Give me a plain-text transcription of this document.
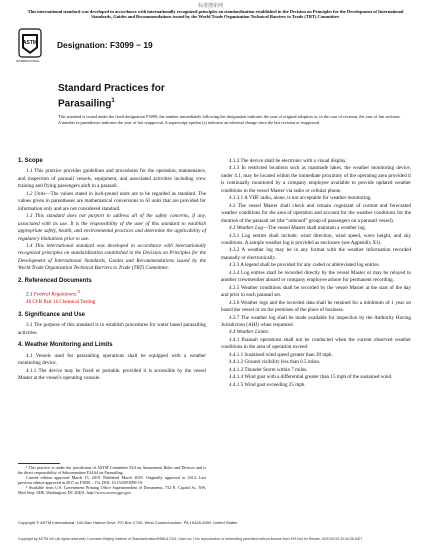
标准搜索网
This international standard was developed in accordance with internationally recognized principles on standardization established in the Decision on Principles for the Development of International Standards, Guides and Recommendations issued by the World Trade Organization Technical Barriers to Trade (TBT) Committee.
ASTM
INTERNATIONAL
Designation: F3099 − 19
Standard Practices for
Parasailing$^1$
This standard is issued under the fixed designation F3099; the number immediately following the designation indicates the year of original adoption or, in the case of revision, the year of last revision. A number in parentheses indicates the year of last reapproval. A superscript epsilon (ε) indicates an editorial change since the last revision or reapproval.

1. Scope

1.1 This practice provides guidelines and procedures for the operation, maintenance, and inspection of parasail vessels, equipment, and associated activities including crew training and flying passengers aloft in a parasail.

1.2 Units—The values stated in inch-pound units are to be regarded as standard. The values given in parentheses are mathematical conversions to SI units that are provided for information only and are not considered standard.

1.3 This standard does not purport to address all of the safety concerns, if any, associated with its use. It is the responsibility of the user of this standard to establish appropriate safety, health, and environmental practices and determine the applicability of regulatory limitations prior to use.

1.4 This international standard was developed in accordance with internationally recognized principles on standardization established in the Decision on Principles for the Development of International Standards, Guides and Recommendations issued by the World Trade Organization Technical Barriers to Trade (TBT) Committee.

2. Referenced Documents

2.1 Federal Regulations:$^2$

46 CFR Part 16 Chemical Testing

3. Significance and Use

3.1 The purpose of this standard is to establish procedures for water based parasailing activities.

4. Weather Monitoring and Limits

4.1 Vessels used for parasailing operations shall be equipped with a weather monitoring device.

4.1.1 The device may be fixed or portable, provided it is accessible by the vessel Master at the vessel's operating console.

¹ This practice is under the jurisdiction of ASTM Committee F24 on Amusement Rides and Devices and is the direct responsibility of Subcommittee F24.64 on Parasailing.

Current edition approved March 15, 2019. Published March 2019. Originally approved in 2014. Last previous edition approved in 2017 as F3099 – 17a. DOI: 10.1520/F3099-19.

² Available from U.S. Government Printing Office Superintendent of Documents, 732 N. Capitol St., NW, Mail Stop: SDE, Washington, DC 20401, http://www.access.gpo.gov.

4.1.2 The device shall be electronic with a visual display.

4.1.3 In restricted locations such as manmade lakes, the weather monitoring device, under 4.1, may be located within the immediate proximity of the operating area provided it is continually monitored by a company employee available to provide updated weather conditions to the vessel Master via radio or cellular phone.

4.1.3.1 A VHF radio, alone, is not acceptable for weather monitoring.

4.2 The vessel Master shall check and remain cognizant of current and forecasted weather conditions for the area of operation and account for the weather conditions for the duration of the parasail set (the “onboard” group of passengers on a parasail vessel).

4.3 Weather Log—The vessel Master shall maintain a weather log.

4.3.1 Log entries shall include: wind direction, wind speed, wave height, and sky conditions. A sample weather log is provided as enclosure (see Appendix X1).

4.3.2 A weather log may be in any format with the weather information recorded manually or electronically.

4.3.3 A legend shall be provided for any coded or abbreviated log entries.

4.3.4 Log entries shall be recorded directly by the vessel Master or may be relayed to another crewmember aboard or company employee ashore for permanent recording.

4.3.5 Weather conditions shall be recorded by the vessel Master at the start of the day and prior to each parasail set.

4.3.6 Weather logs and the recorded data shall be retained for a minimum of 1 year on board the vessel or on the premises of the place of business.

4.3.7 The weather log shall be made available for inspection by the Authority Having Jurisdiction (AHJ) when requested.

4.4 Weather Limits:

4.4.1 Parasail operations shall not be conducted when the current observed weather conditions in the area of operation exceed:

4.4.1.1 Sustained wind speed greater than 20 mph.

4.4.1.2 Ground visibility less than 0.5 miles.

4.4.1.3 Thunder Storm within 7 miles.

4.4.1.4 Wind gust with a differential greater than 15 mph of the sustained wind.

4.4.1.5 Wind gust exceeding 25 mph.

Copyright © ASTM International, 100 Barr Harbor Drive, PO Box C700, West Conshohocken, PA 19428-2959. United States
Copyright by ASTM Int'l (all rights reserved); Licensee=Beijing Institute of Standardization/5958117001, User=xx, t No reproduction or networking permitted without license from IHS Not for Resale, 04/10/2019 20:34:38 MDT
